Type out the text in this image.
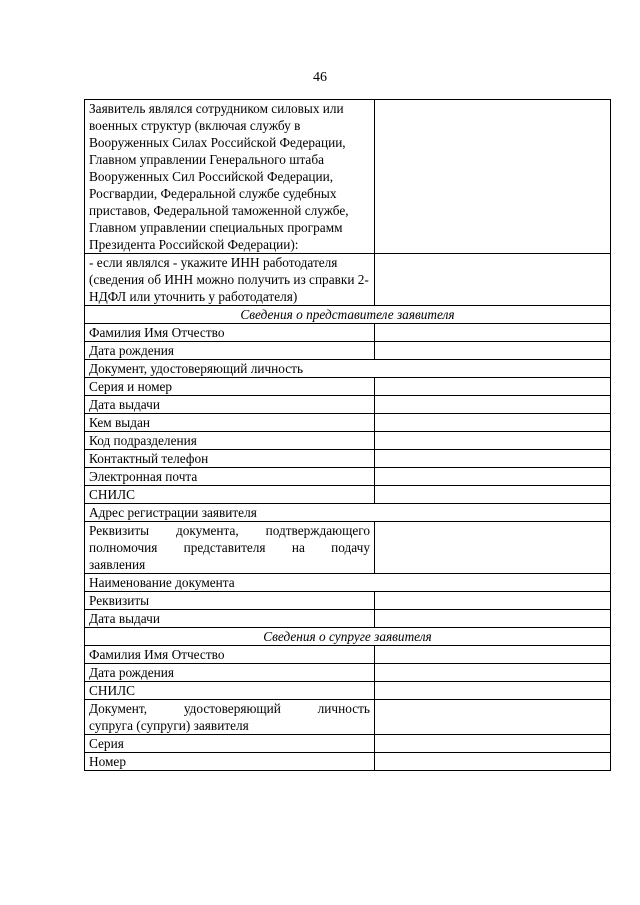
46
Заявитель являлся сотрудником силовых или военных структур (включая службу в Вооруженных Силах Российской Федерации, Главном управлении Генерального штаба Вооруженных Сил Российской Федерации, Росгвардии, Федеральной службе судебных приставов, Федеральной таможенной службе, Главном управлении специальных программ Президента Российской Федерации):	

- если являлся - укажите ИНН работодателя (сведения об ИНН можно получить из справки 2-НДФЛ или уточнить у работодателя)	

Сведения о представителе заявителя	
Фамилия Имя Отчество	

Дата рождения	

Документ, удостоверяющий личность	
Серия и номер	

Дата выдачи	

Кем выдан	

Код подразделения	

Контактный телефон	

Электронная почта	

СНИЛС	

Адрес регистрации заявителя	
Реквизиты документа, подтверждающего полномочия представителя на подачу
заявления	

Наименование документа	
Реквизиты	

Дата выдачи	

Сведения о супруге заявителя	
Фамилия Имя Отчество	

Дата рождения	

СНИЛС	

Документ, удостоверяющий личность
супруга (супруги) заявителя	

Серия	

Номер	
